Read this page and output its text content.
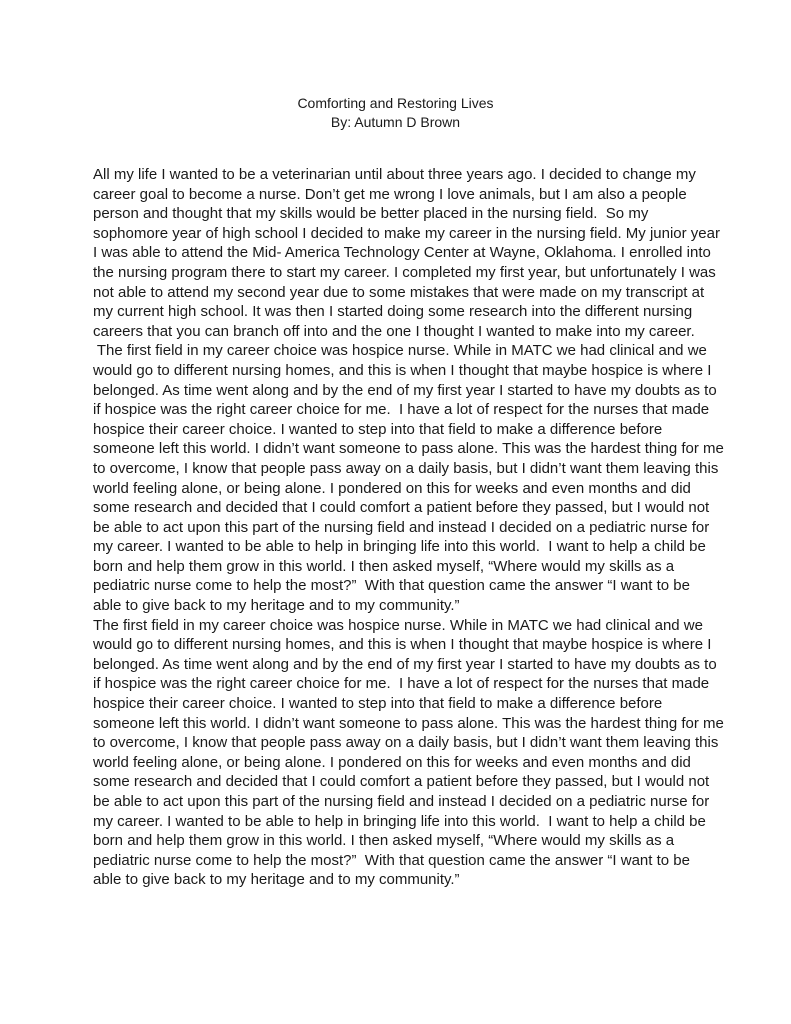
Comforting and Restoring Lives
By: Autumn D Brown
All my life I wanted to be a veterinarian until about three years ago. I decided to change my
career goal to become a nurse. Don’t get me wrong I love animals, but I am also a people
person and thought that my skills would be better placed in the nursing field.  So my
sophomore year of high school I decided to make my career in the nursing field. My junior year
I was able to attend the Mid- America Technology Center at Wayne, Oklahoma. I enrolled into
the nursing program there to start my career. I completed my first year, but unfortunately I was
not able to attend my second year due to some mistakes that were made on my transcript at
my current high school. It was then I started doing some research into the different nursing
careers that you can branch off into and the one I thought I wanted to make into my career.
The first field in my career choice was hospice nurse. While in MATC we had clinical and we
would go to different nursing homes, and this is when I thought that maybe hospice is where I
belonged. As time went along and by the end of my first year I started to have my doubts as to
if hospice was the right career choice for me.  I have a lot of respect for the nurses that made
hospice their career choice. I wanted to step into that field to make a difference before
someone left this world. I didn’t want someone to pass alone. This was the hardest thing for me
to overcome, I know that people pass away on a daily basis, but I didn’t want them leaving this
world feeling alone, or being alone. I pondered on this for weeks and even months and did
some research and decided that I could comfort a patient before they passed, but I would not
be able to act upon this part of the nursing field and instead I decided on a pediatric nurse for
my career. I wanted to be able to help in bringing life into this world.  I want to help a child be
born and help them grow in this world. I then asked myself, “Where would my skills as a
pediatric nurse come to help the most?”  With that question came the answer “I want to be
able to give back to my heritage and to my community.”
The first field in my career choice was hospice nurse. While in MATC we had clinical and we
would go to different nursing homes, and this is when I thought that maybe hospice is where I
belonged. As time went along and by the end of my first year I started to have my doubts as to
if hospice was the right career choice for me.  I have a lot of respect for the nurses that made
hospice their career choice. I wanted to step into that field to make a difference before
someone left this world. I didn’t want someone to pass alone. This was the hardest thing for me
to overcome, I know that people pass away on a daily basis, but I didn’t want them leaving this
world feeling alone, or being alone. I pondered on this for weeks and even months and did
some research and decided that I could comfort a patient before they passed, but I would not
be able to act upon this part of the nursing field and instead I decided on a pediatric nurse for
my career. I wanted to be able to help in bringing life into this world.  I want to help a child be
born and help them grow in this world. I then asked myself, “Where would my skills as a
pediatric nurse come to help the most?”  With that question came the answer “I want to be
able to give back to my heritage and to my community.”
